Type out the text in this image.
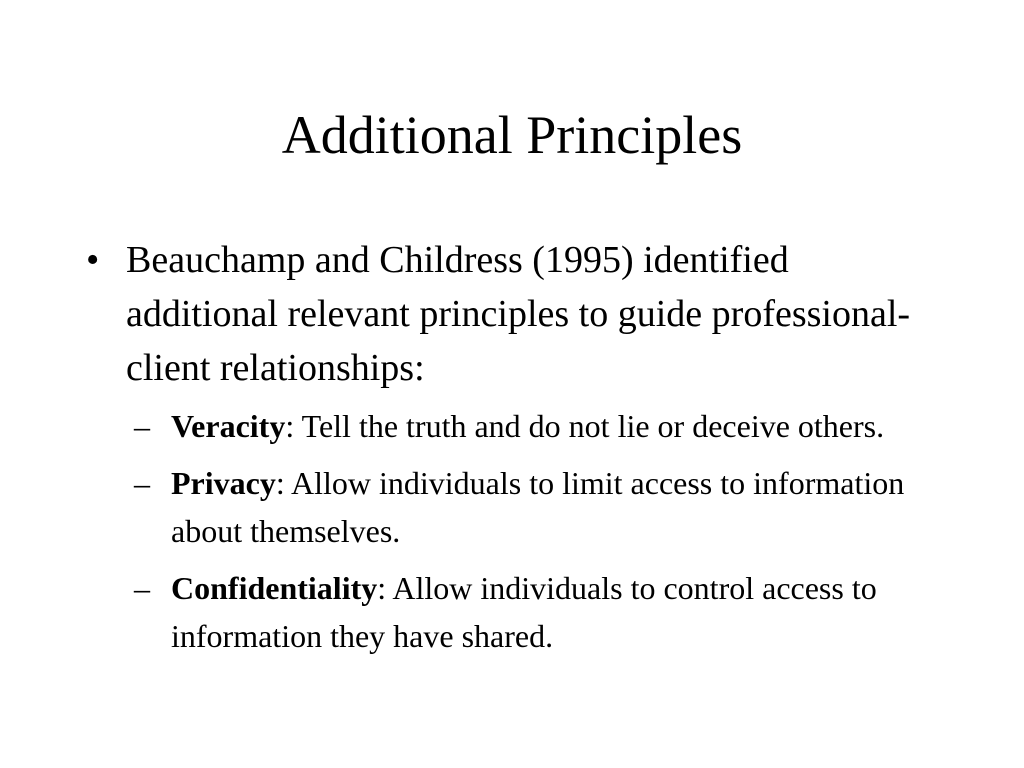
Additional Principles
• Beauchamp and Childress (1995) identified additional relevant principles to guide professional-client relationships:
– Veracity: Tell the truth and do not lie or deceive others.
– Privacy: Allow individuals to limit access to information about themselves.
– Confidentiality: Allow individuals to control access to information they have shared.
